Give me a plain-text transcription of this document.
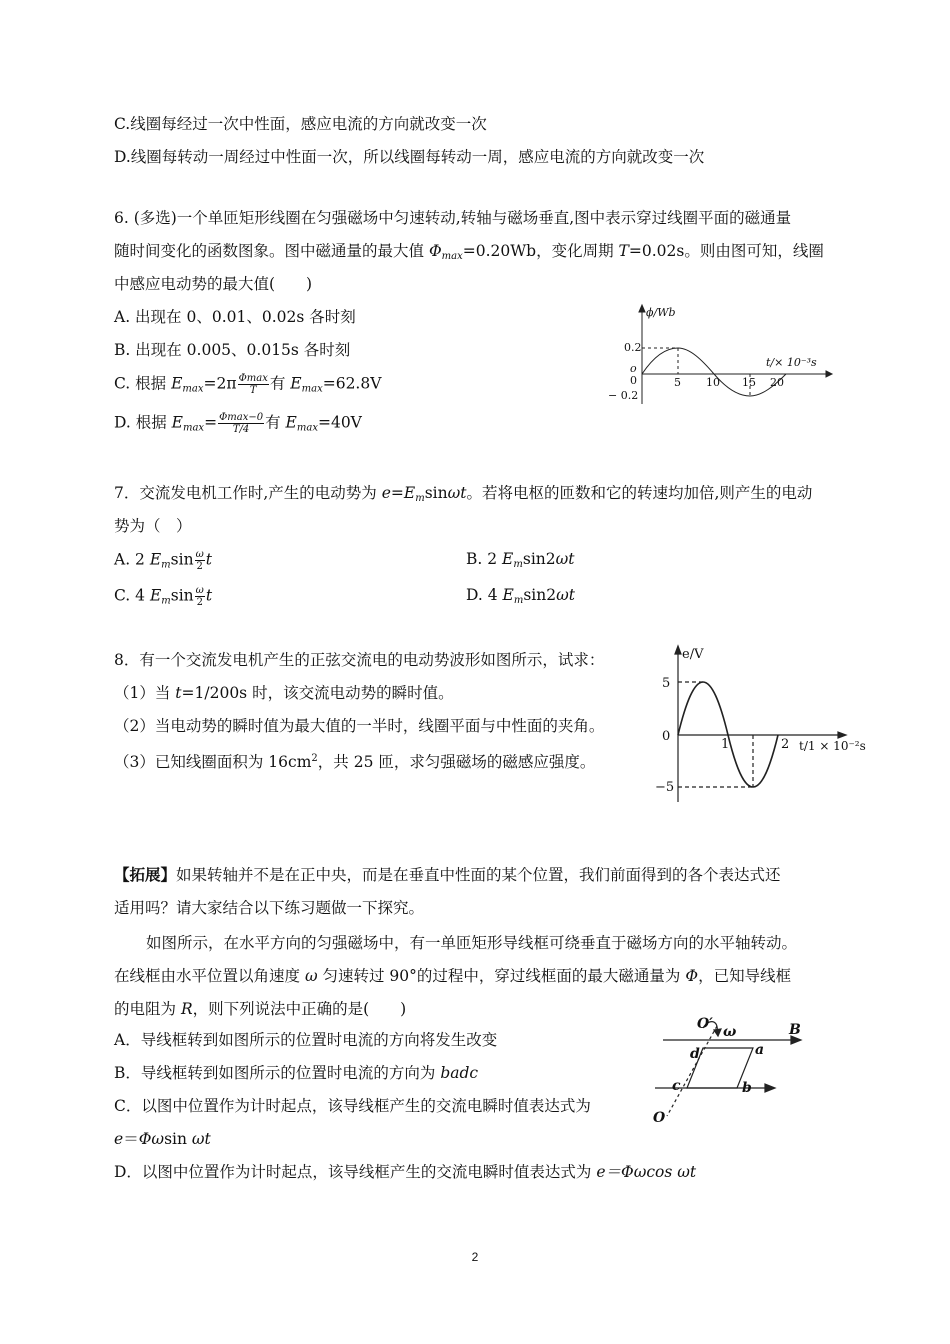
C.线圈每经过一次中性面，感应电流的方向就改变一次
D.线圈每转动一周经过中性面一次，所以线圈每转动一周，感应电流的方向就改变一次
6. (多选)一个单匝矩形线圈在匀强磁场中匀速转动,转轴与磁场垂直,图中表示穿过线圈平面的磁通量
随时间变化的函数图象。图中磁通量的最大值 $\Phi_{max}=0.20Wb$，变化周期 T=0.02s。则由图可知，线圈
中感应电动势的最大值(　　)
A. 出现在 0、0.01、0.02s 各时刻
B. 出现在 0.005、0.015s 各时刻
C. 根据 $E_{max}=2\pi \frac{\Phi\max}{T}$ 有 $E_{max}=62.8V$
D. 根据 $E_{max}= \frac{\Phi\max-0}{T/4}$ 有 $E_{max}=40V$
ϕ/Wb
0.2
o
0
− 0.2
5 10 15 20
t/× 10⁻³s
7．交流发电机工作时,产生的电动势为 $e=E_m\sin\omega t$。若将电枢的匝数和它的转速均加倍,则产生的电动
势为（　）
A. 2 $E_m\sin \frac{\omega}{2}$ t	B. 2 $E_m\sin 2\omega t$
C. 4 $E_m\sin \frac{\omega}{2}$ t	D. 4 $E_m\sin 2\omega t$
8．有一个交流发电机产生的正弦交流电的电动势波形如图所示，试求：
（1）当 t=1/200s 时，该交流电动势的瞬时值。
（2）当电动势的瞬时值为最大值的一半时，线圈平面与中性面的夹角。
（3）已知线圈面积为 $16cm^2$，共 25 匝，求匀强磁场的磁感应强度。
e/V
5
0
−5
1	2 t/1 × 10⁻²s
【拓展】如果转轴并不是在正中央，而是在垂直中性面的某个位置，我们前面得到的各个表达式还
适用吗？请大家结合以下练习题做一下探究。
如图所示，在水平方向的匀强磁场中，有一单匝矩形导线框可绕垂直于磁场方向的水平轴转动。
在线框由水平位置以角速度 ω 匀速转过 90°的过程中，穿过线框面的最大磁通量为 Φ，已知导线框
的电阻为 R，则下列说法中正确的是(　　)
A．导线框转到如图所示的位置时电流的方向将发生改变
B．导线框转到如图所示的位置时电流的方向为 badc
C．以图中位置作为计时起点，该导线框产生的交流电瞬时值表达式为
e＝Φωsin ωt
D．以图中位置作为计时起点，该导线框产生的交流电瞬时值表达式为 e＝Φωcos ωt
O′ ω	B
a
d
c	b
O
2
